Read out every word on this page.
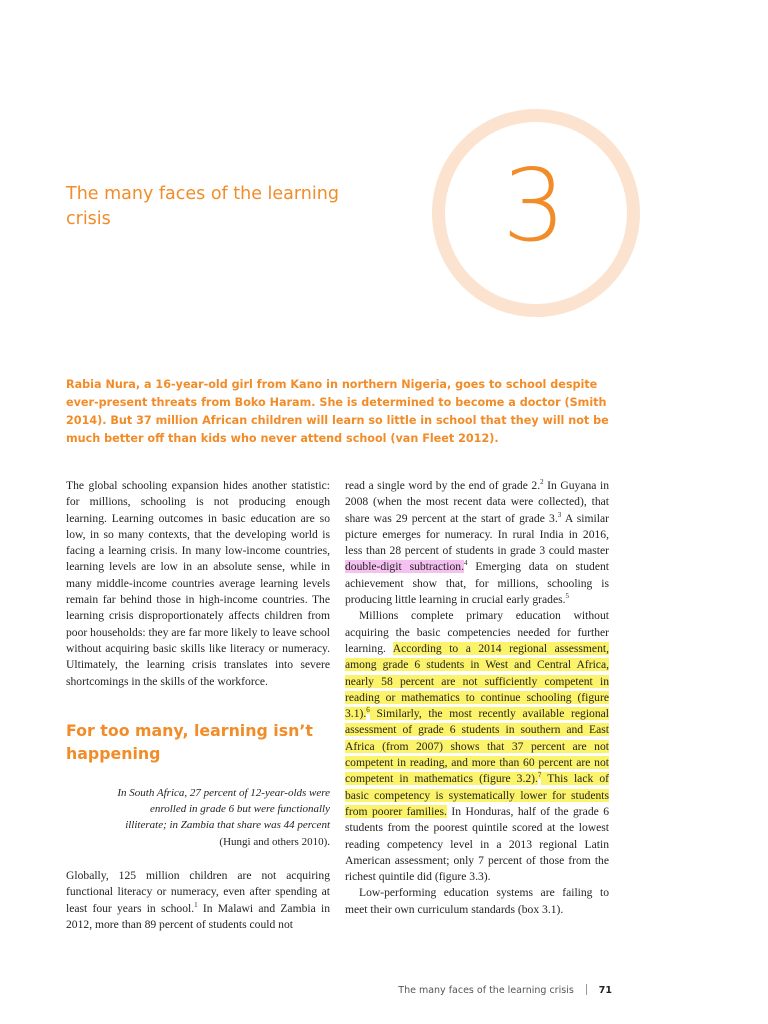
3
The many faces of the learning crisis

Rabia Nura, a 16-year-old girl from Kano in northern Nigeria, goes to school despite ever-present threats from Boko Haram. She is determined to become a doctor (Smith 2014). But 37 million African children will learn so little in school that they will not be much better off than kids who never attend school (van Fleet 2012).

The global schooling expansion hides another statistic: for millions, schooling is not producing enough learning. Learning outcomes in basic education are so low, in so many contexts, that the developing world is facing a learning crisis. In many low-income countries, learning levels are low in an absolute sense, while in many middle-income countries average learning levels remain far behind those in high-income countries. The learning crisis disproportionately affects children from poor households: they are far more likely to leave school without acquiring basic skills like literacy or numeracy. Ultimately, the learning crisis translates into severe shortcomings in the skills of the workforce.

For too many, learning isn’t happening
In South Africa, 27 percent of 12-year-olds were enrolled in grade 6 but were functionally illiterate; in Zambia that share was 44 percent (Hungi and others 2010).

Globally, 125 million children are not acquiring functional literacy or numeracy, even after spending at least four years in school.$^1$ In Malawi and Zambia in 2012, more than 89 percent of students could not

read a single word by the end of grade 2.$^2$ In Guyana in 2008 (when the most recent data were collected), that share was 29 percent at the start of grade 3.$^3$ A similar picture emerges for numeracy. In rural India in 2016, less than 28 percent of students in grade 3 could master double-digit subtraction.$^4$ Emerging data on student achievement show that, for millions, schooling is producing little learning in crucial early grades.$^5$

Millions complete primary education without acquiring the basic competencies needed for further learning. According to a 2014 regional assessment, among grade 6 students in West and Central Africa, nearly 58 percent are not sufficiently competent in reading or mathematics to continue schooling (figure 3.1).$^6$ Similarly, the most recently available regional assessment of grade 6 students in southern and East Africa (from 2007) shows that 37 percent are not competent in reading, and more than 60 percent are not competent in mathematics (figure 3.2).$^7$ This lack of basic competency is systematically lower for students from poorer families. In Honduras, half of the grade 6 students from the poorest quintile scored at the lowest reading competency level in a 2013 regional Latin American assessment; only 7 percent of those from the richest quintile did (figure 3.3).

Low-performing education systems are failing to meet their own curriculum standards (box 3.1).

The many faces of the learning crisis	71
